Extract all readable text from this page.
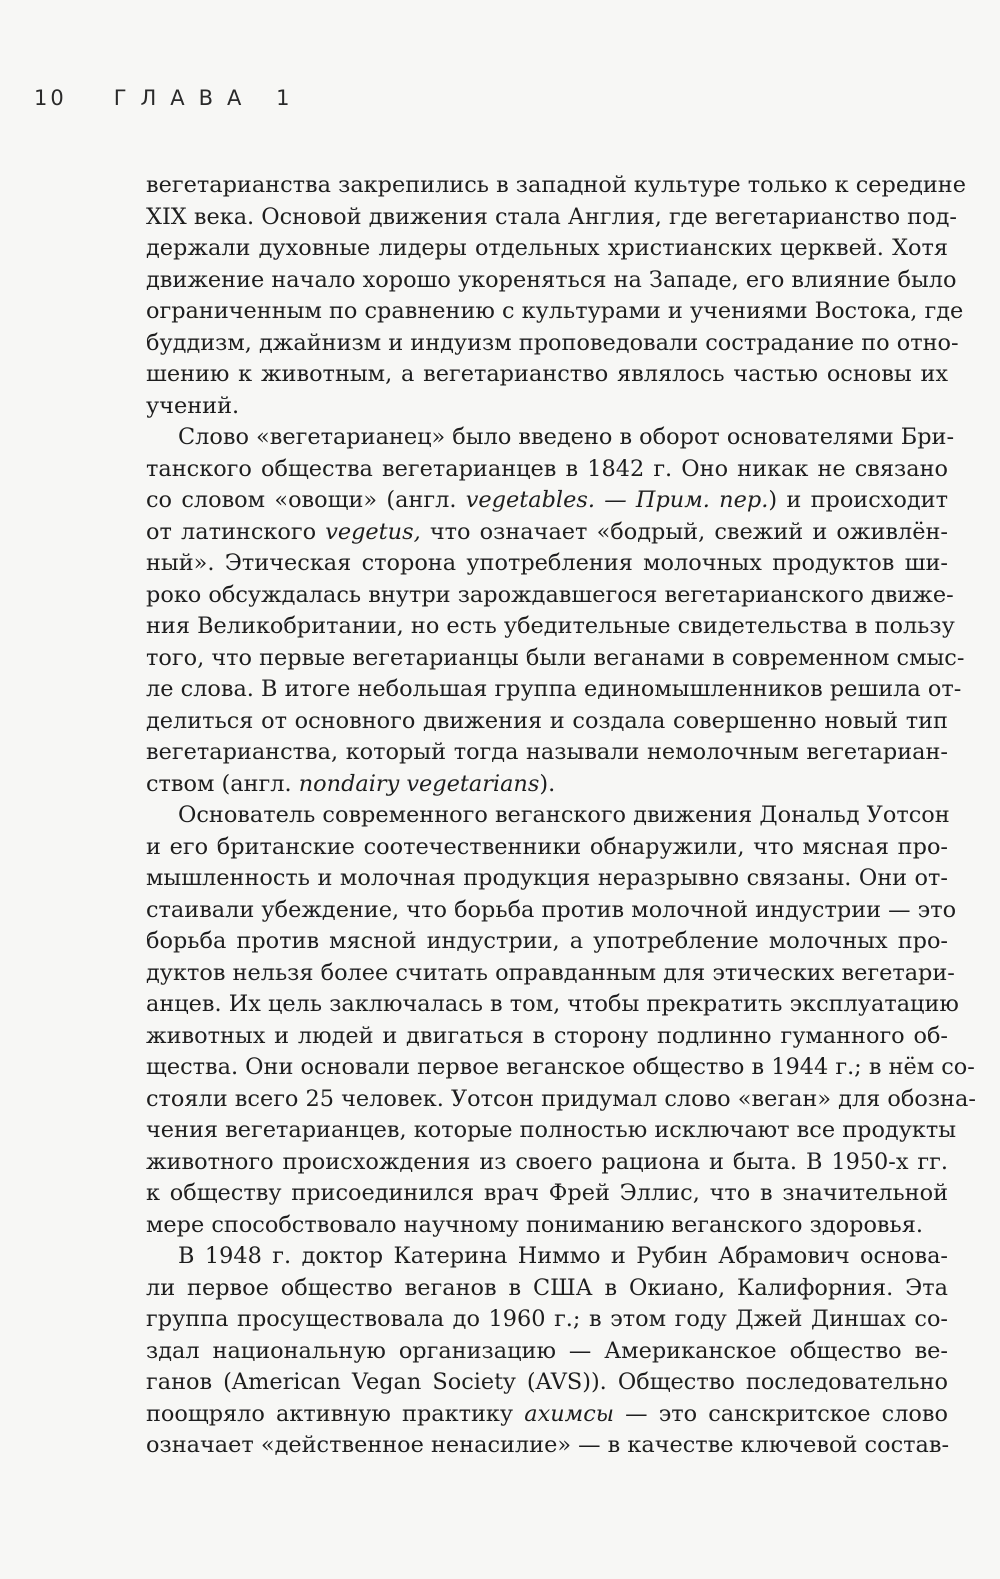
10 ГЛАВА 1
вегетарианства закрепились в западной культуре только к середине
XIX века. Основой движения стала Англия, где вегетарианство под-
держали духовные лидеры отдельных христианских церквей. Хотя
движение начало хорошо укореняться на Западе, его влияние было
ограниченным по сравнению с культурами и учениями Востока, где
буддизм, джайнизм и индуизм проповедовали сострадание по отно-
шению к животным, а вегетарианство являлось частью основы их
учений.
Слово «вегетарианец» было введено в оборот основателями Бри-
танского общества вегетарианцев в 1842 г. Оно никак не связано
со словом «овощи» (англ. vegetables. — Прим. пер.) и происходит
от латинского vegetus, что означает «бодрый, свежий и оживлён-
ный». Этическая сторона употребления молочных продуктов ши-
роко обсуждалась внутри зарождавшегося вегетарианского движе-
ния Великобритании, но есть убедительные свидетельства в пользу
того, что первые вегетарианцы были веганами в современном смыс-
ле слова. В итоге небольшая группа единомышленников решила от-
делиться от основного движения и создала совершенно новый тип
вегетарианства, который тогда называли немолочным вегетариан-
ством (англ. nondairy vegetarians).
Основатель современного веганского движения Дональд Уотсон
и его британские соотечественники обнаружили, что мясная про-
мышленность и молочная продукция неразрывно связаны. Они от-
стаивали убеждение, что борьба против молочной индустрии — это
борьба против мясной индустрии, а употребление молочных про-
дуктов нельзя более считать оправданным для этических вегетари-
анцев. Их цель заключалась в том, чтобы прекратить эксплуатацию
животных и людей и двигаться в сторону подлинно гуманного об-
щества. Они основали первое веганское общество в 1944 г.; в нём со-
стояли всего 25 человек. Уотсон придумал слово «веган» для обозна-
чения вегетарианцев, которые полностью исключают все продукты
животного происхождения из своего рациона и быта. В 1950-х гг.
к обществу присоединился врач Фрей Эллис, что в значительной
мере способствовало научному пониманию веганского здоровья.
В 1948 г. доктор Катерина Ниммо и Рубин Абрамович основа-
ли первое общество веганов в США в Окиано, Калифорния. Эта
группа просуществовала до 1960 г.; в этом году Джей Диншах со-
здал национальную организацию — Американское общество ве-
ганов (American Vegan Society (AVS)). Общество последовательно
поощряло активную практику ахимсы — это санскритское слово
означает «действенное ненасилие» — в качестве ключевой состав-
